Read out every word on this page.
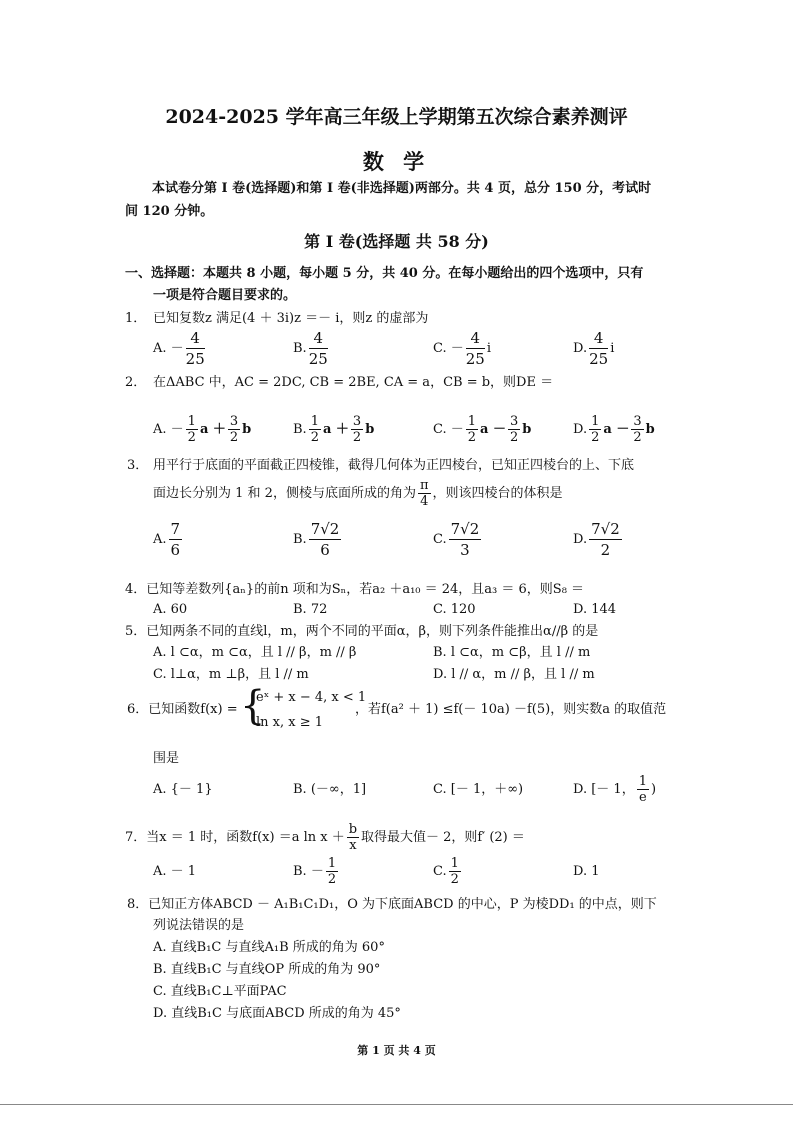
2024-2025 学年高三年级上学期第五次综合素养测评
数 学
本试卷分第 I 卷(选择题)和第 I 卷(非选择题)两部分。共 4 页，总分 150 分，考试时
间 120 分钟。
第 I 卷(选择题 共 58 分)
一、选择题：本题共 8 小题，每小题 5 分，共 40 分。在每小题给出的四个选项中，只有
一项是符合题目要求的。
1． 已知复数z 满足(4 ＋ 3i)z ＝－ i，则z 的虚部为
A. － $\frac{4}{25}$	B. $\frac{4}{25}$	C. － $\frac{4}{25}$ i	D. $\frac{4}{25}$ i
2． 在ΔABC 中，AC = 2DC, CB = 2BE, CA = a，CB = b，则DE ＝
A. － $\frac{1}{2}$ $a + \frac{3}{2}$ b	B. $\frac{1}{2}$ $a + \frac{3}{2}$ b	C. － $\frac{1}{2}$ $a - \frac{3}{2}$ b	D. $\frac{1}{2}$ $a - \frac{3}{2}$ b
3． 用平行于底面的平面截正四棱锥，截得几何体为正四棱台，已知正四棱台的上、下底
面边长分别为 1 和 2，侧棱与底面所成的角为 $\frac{\pi}{4}$ ，则该四棱台的体积是
A. $\frac{7}{6}$	B. $\frac{7√2}{6}$	C. $\frac{7√2}{3}$	D. $\frac{7√2}{2}$
4．已知等差数列{aₙ}的前n 项和为Sₙ，若a₂ ＋a₁₀ ＝ 24，且a₃ ＝ 6，则S₈ ＝
A. 60	B. 72	C. 120	D. 144
5．已知两条不同的直线l，m，两个不同的平面α，β，则下列条件能推出α//β 的是
A. l ⊂α，m ⊂α，且 l // β，m // β	B. l ⊂α，m ⊂β，且 l // m
C. l⊥α，m ⊥β，且 l // m	D. l // α，m // β，且 l // m
6．已知函数f(x) = {
eˣ + x − 4, x < 1
ln x, x ≥ 1
，若f(a² ＋ 1) ≤f(－ 10a) －f(5)，则实数a 的取值范
围是
A. {－ 1}	B. (－∞，1]	C. [－ 1，＋∞)	D. [－ 1， $\frac{1}{e}$ )
7．当x ＝ 1 时，函数f(x) ＝a $\ln x + \frac{b}{x}$ 取得最大值－ 2，则f′ (2) ＝
A. － 1	B. － $\frac{1}{2}$	C. $\frac{1}{2}$	D. 1
8．已知正方体ABCD － A₁B₁C₁D₁，O 为下底面ABCD 的中心，P 为棱DD₁ 的中点，则下
列说法错误的是
A. 直线B₁C 与直线A₁B 所成的角为 60°
B. 直线B₁C 与直线OP 所成的角为 90°
C. 直线B₁C⊥平面PAC
D. 直线B₁C 与底面ABCD 所成的角为 45°
第 1 页 共 4 页
